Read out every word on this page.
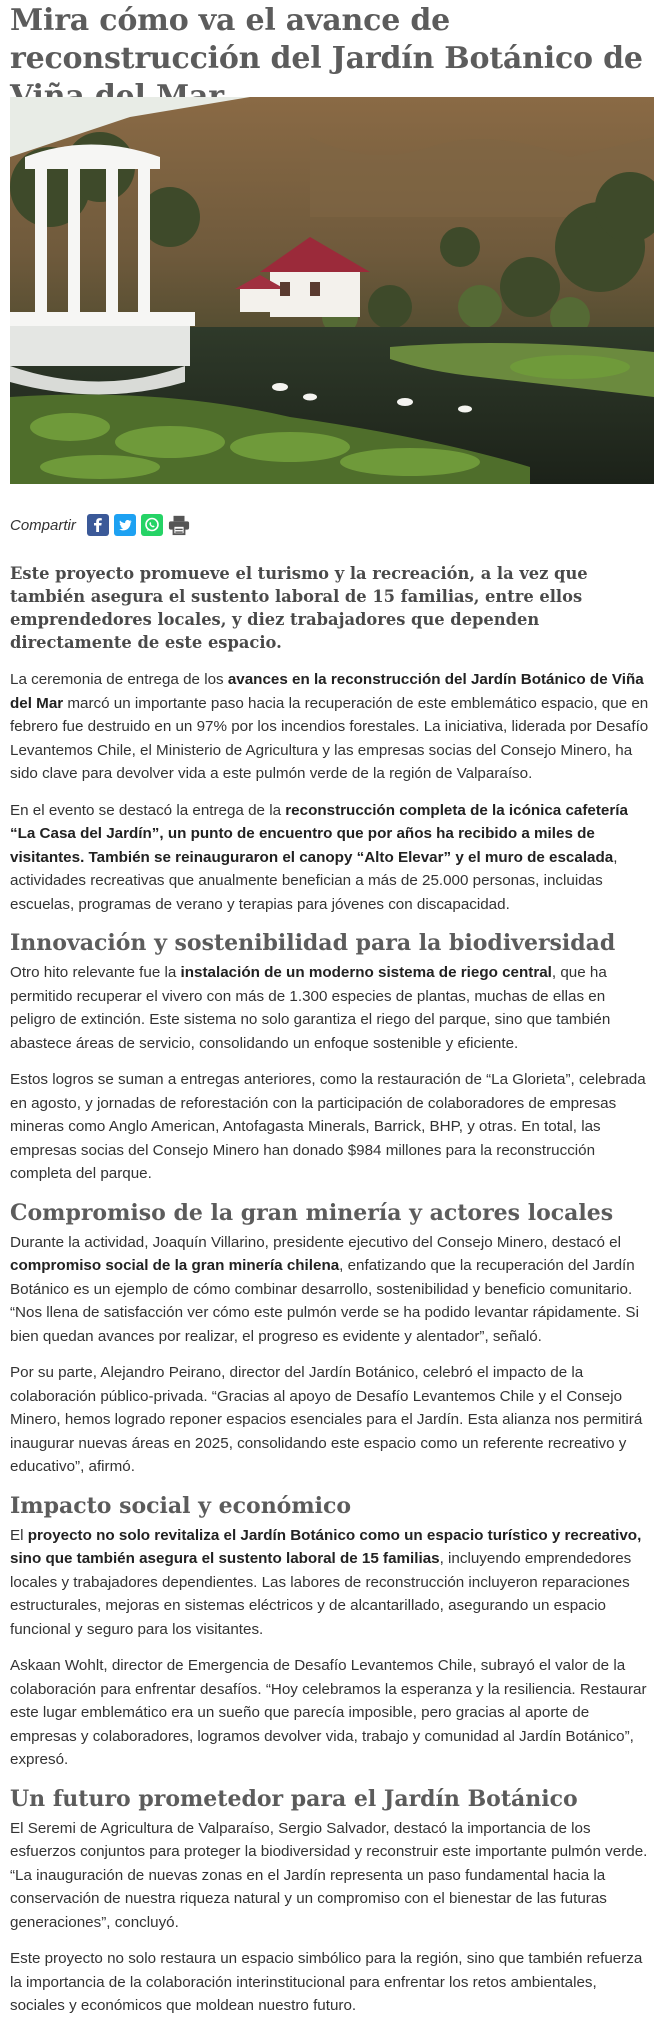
Mira cómo va el avance de reconstrucción del Jardín Botánico de
Compartir

Este proyecto promueve el turismo y la recreación, a la vez que también asegura el sustento laboral de 15 familias, entre ellos emprendedores locales, y diez trabajadores que dependen directamente de este espacio.

La ceremonia de entrega de los avances en la reconstrucción del Jardín Botánico de Viña del Mar marcó un importante paso hacia la recuperación de este emblemático espacio, que en febrero fue destruido en un 97% por los incendios forestales. La iniciativa, liderada por Desafío Levantemos Chile, el Ministerio de Agricultura y las empresas socias del Consejo Minero, ha sido clave para devolver vida a este pulmón verde de la región de Valparaíso.

En el evento se destacó la entrega de la reconstrucción completa de la icónica cafetería “La Casa del Jardín”, un punto de encuentro que por años ha recibido a miles de visitantes. También se reinauguraron el canopy “Alto Elevar” y el muro de escalada, actividades recreativas que anualmente benefician a más de 25.000 personas, incluidas escuelas, programas de verano y terapias para jóvenes con discapacidad.

Innovación y sostenibilidad para la biodiversidad

Otro hito relevante fue la instalación de un moderno sistema de riego central, que ha permitido recuperar el vivero con más de 1.300 especies de plantas, muchas de ellas en peligro de extinción. Este sistema no solo garantiza el riego del parque, sino que también abastece áreas de servicio, consolidando un enfoque sostenible y eficiente.

Estos logros se suman a entregas anteriores, como la restauración de “La Glorieta”, celebrada en agosto, y jornadas de reforestación con la participación de colaboradores de empresas mineras como Anglo American, Antofagasta Minerals, Barrick, BHP, y otras. En total, las empresas socias del Consejo Minero han donado $984 millones para la reconstrucción completa del parque.

Compromiso de la gran minería y actores locales

Durante la actividad, Joaquín Villarino, presidente ejecutivo del Consejo Minero, destacó el compromiso social de la gran minería chilena, enfatizando que la recuperación del Jardín Botánico es un ejemplo de cómo combinar desarrollo, sostenibilidad y beneficio comunitario. “Nos llena de satisfacción ver cómo este pulmón verde se ha podido levantar rápidamente. Si bien quedan avances por realizar, el progreso es evidente y alentador”, señaló.

Por su parte, Alejandro Peirano, director del Jardín Botánico, celebró el impacto de la colaboración público-privada. “Gracias al apoyo de Desafío Levantemos Chile y el Consejo Minero, hemos logrado reponer espacios esenciales para el Jardín. Esta alianza nos permitirá inaugurar nuevas áreas en 2025, consolidando este espacio como un referente recreativo y educativo”, afirmó.

Impacto social y económico

El proyecto no solo revitaliza el Jardín Botánico como un espacio turístico y recreativo, sino que también asegura el sustento laboral de 15 familias, incluyendo emprendedores locales y trabajadores dependientes. Las labores de reconstrucción incluyeron reparaciones estructurales, mejoras en sistemas eléctricos y de alcantarillado, asegurando un espacio funcional y seguro para los visitantes.

Askaan Wohlt, director de Emergencia de Desafío Levantemos Chile, subrayó el valor de la colaboración para enfrentar desafíos. “Hoy celebramos la esperanza y la resiliencia. Restaurar este lugar emblemático era un sueño que parecía imposible, pero gracias al aporte de empresas y colaboradores, logramos devolver vida, trabajo y comunidad al Jardín Botánico”, expresó.

Un futuro prometedor para el Jardín Botánico

El Seremi de Agricultura de Valparaíso, Sergio Salvador, destacó la importancia de los esfuerzos conjuntos para proteger la biodiversidad y reconstruir este importante pulmón verde. “La inauguración de nuevas zonas en el Jardín representa un paso fundamental hacia la conservación de nuestra riqueza natural y un compromiso con el bienestar de las futuras generaciones”, concluyó.

Este proyecto no solo restaura un espacio simbólico para la región, sino que también refuerza la importancia de la colaboración interinstitucional para enfrentar los retos ambientales, sociales y económicos que moldean nuestro futuro.
